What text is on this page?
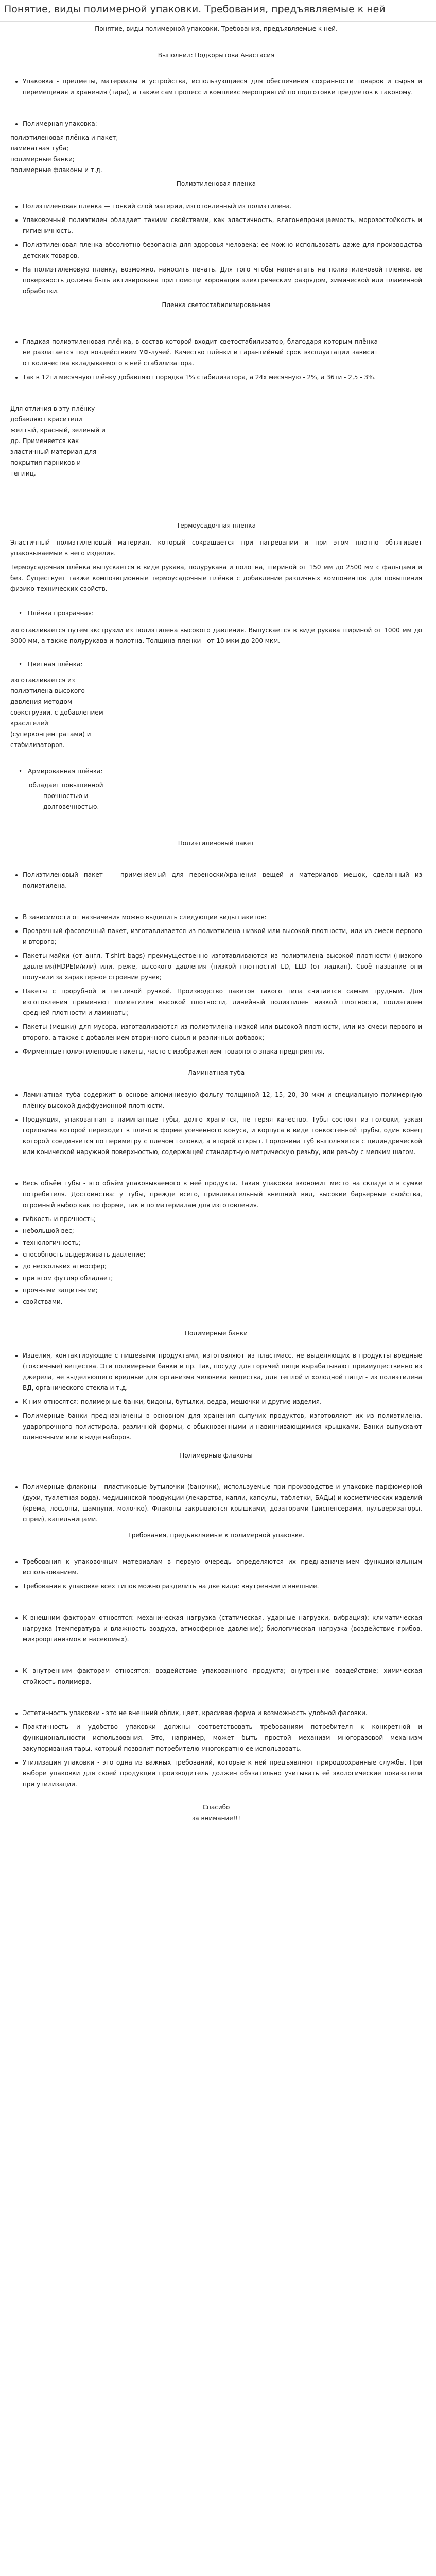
Понятие, виды полимерной упаковки. Требования, предъявляемые к ней

Понятие, виды полимерной упаковки. Требования, предъявляемые к ней.

Выполнил: Подкорытова Анастасия

• Упаковка - предметы, материалы и устройства, использующиеся для обеспечения сохранности товаров и сырья и перемещения и хранения (тара), а также сам процесс и комплекс мероприятий по подготовке предметов к таковому.
• Полимерная упаковка:

полиэтиленовая плёнка и пакет;

ламинатная туба;

полимерные банки;

полимерные флаконы и т.д.

Полиэтиленовая пленка

• Полиэтиленовая пленка — тонкий слой материи, изготовленный из полиэтилена.
• Упаковочный полиэтилен обладает такими свойствами, как эластичность, влагонепроницаемость, морозостойкость и гигиеничность.
• Полиэтиленовая пленка абсолютно безопасна для здоровья человека: ее можно использовать даже для производства детских товаров.
• На полиэтиленовую пленку, возможно, наносить печать. Для того чтобы напечатать на полиэтиленовой пленке, ее поверхность должна быть активирована при помощи коронации электрическим разрядом, химической или пламенной обработки.

Пленка светостабилизированная

• Гладкая полиэтиленовая плёнка, в состав которой входит светостабилизатор, благодаря которым плёнка не разлагается под воздействием УФ-лучей. Качество плёнки и гарантийный срок эксплуатации зависит от количества вкладываемого в неё стабилизатора.
• Так в 12ти месячную плёнку добавляют порядка 1% стабилизатора, а 24х месячную - 2%, а 36ти - 2,5 - 3%.

Для отличия в эту плёнку добавляют красители желтый, красный, зеленый и др. Применяется как эластичный материал для покрытия парников и теплиц.

Термоусадочная пленка

Эластичный полиэтиленовый материал, который сокращается при нагревании и при этом плотно обтягивает упаковываемые в него изделия.

Термоусадочная плёнка выпускается в виде рукава, полурукава и полотна, шириной от 150 мм до 2500 мм с фальцами и без. Существует также композиционные термоусадочные плёнки с добавление различных компонентов для повышения физико-технических свойств.

• Плёнка прозрачная:

изготавливается путем экструзии из полиэтилена высокого давления. Выпускается в виде рукава шириной от 1000 мм до 3000 мм, а также полурукава и полотна. Толщина пленки - от 10 мкм до 200 мкм.

• Цветная плёнка:

изготавливается из полиэтилена высокого давления методом соэкструзии, с добавлением красителей (суперконцентратами) и стабилизаторов.

• Армированная плёнка:

обладает повышенной

прочностью и

долговечностью.

Полиэтиленовый пакет

• Полиэтиленовый пакет — применяемый для переноски/хранения вещей и материалов мешок, сделанный из полиэтилена.
• В зависимости от назначения можно выделить следующие виды пакетов:
• Прозрачный фасовочный пакет, изготавливается из полиэтилена низкой или высокой плотности, или из смеси первого и второго;
• Пакеты-майки (от англ. T-shirt bags) преимущественно изготавливаются из полиэтилена высокой плотности (низкого давления)HDPE(и/или) или, реже, высокого давления (низкой плотности) LD, LLD (от ладкан). Своё название они получили за характерное строение ручек;
• Пакеты с прорубной и петлевой ручкой. Производство пакетов такого типа считается самым трудным. Для изготовления применяют полиэтилен высокой плотности, линейный полиэтилен низкой плотности, полиэтилен средней плотности и ламинаты;
• Пакеты (мешки) для мусора, изготавливаются из полиэтилена низкой или высокой плотности, или из смеси первого и второго, а также с добавлением вторичного сырья и различных добавок;
• Фирменные полиэтиленовые пакеты, часто с изображением товарного знака предприятия.

Ламинатная туба

• Ламинатная туба содержит в основе алюминиевую фольгу толщиной 12, 15, 20, 30 мкм и специальную полимерную плёнку высокой диффузионной плотности.
• Продукция, упакованная в ламинатные тубы, долго хранится, не теряя качество. Тубы состоят из головки, узкая горловина которой переходит в плечо в форме усеченного конуса, и корпуса в виде тонкостенной трубы, один конец которой соединяется по периметру с плечом головки, а второй открыт. Горловина туб выполняется с цилиндрической или конической наружной поверхностью, содержащей стандартную метрическую резьбу, или резьбу с мелким шагом.
• Весь объём тубы - это объём упаковываемого в неё продукта. Такая упаковка экономит место на складе и в сумке потребителя. Достоинства: у тубы, прежде всего, привлекательный внешний вид, высокие барьерные свойства, огромный выбор как по форме, так и по материалам для изготовления.
• гибкость и прочность;
• небольшой вес;
• технологичность;
• способность выдерживать давление;
• до нескольких атмосфер;
• при этом футляр обладает;
• прочными защитными;
• свойствами.

Полимерные банки

• Изделия, контактирующие с пищевыми продуктами, изготовляют из пластмасс, не выделяющих в продукты вредные (токсичные) вещества. Эти полимерные банки и пр. Так, посуду для горячей пищи вырабатывают преимущественно из джерела, не выделяющего вредные для организма человека вещества, для теплой и холодной пищи - из полиэтилена ВД, органического стекла и т.д.
• К ним относятся: полимерные банки, бидоны, бутылки, ведра, мешочки и другие изделия.
• Полимерные банки предназначены в основном для хранения сыпучих продуктов, изготовляют их из полиэтилена, ударопрочного полистирола, различной формы, с обыкновенными и навинчивающимися крышками. Банки выпускают одиночными или в виде наборов.

Полимерные флаконы

• Полимерные флаконы - пластиковые бутылочки (баночки), используемые при производстве и упаковке парфюмерной (духи, туалетная вода), медицинской продукции (лекарства, капли, капсулы, таблетки, БАДы) и косметических изделий (крема, лосьоны, шампуни, молочко). Флаконы закрываются крышками, дозаторами (диспенсерами, пульверизаторы, спреи), капельницами.

Требования, предъявляемые к полимерной упаковке.

• Требования к упаковочным материалам в первую очередь определяются их предназначением функциональным использованием.
• Требования к упаковке всех типов можно разделить на две вида: внутренние и внешние.
• К внешним факторам относятся: механическая нагрузка (статическая, ударные нагрузки, вибрация); климатическая нагрузка (температура и влажность воздуха, атмосферное давление); биологическая нагрузка (воздействие грибов, микроорганизмов и насекомых).
• К внутренним факторам относятся: воздействие упакованного продукта; внутренние воздействие; химическая стойкость полимера.
• Эстетичность упаковки - это не внешний облик, цвет, красивая форма и возможность удобной фасовки.
• Практичность и удобство упаковки должны соответствовать требованиям потребителя к конкретной и функциональности использования. Это, например, может быть простой механизм многоразовой механизм закупоривания тары, который позволит потребителю многократно ее использовать.
• Утилизация упаковки - это одна из важных требований, которые к ней предъявляют природоохранные службы. При выборе упаковки для своей продукции производитель должен обязательно учитывать её экологические показатели при утилизации.

Спасибо

за внимание!!!
